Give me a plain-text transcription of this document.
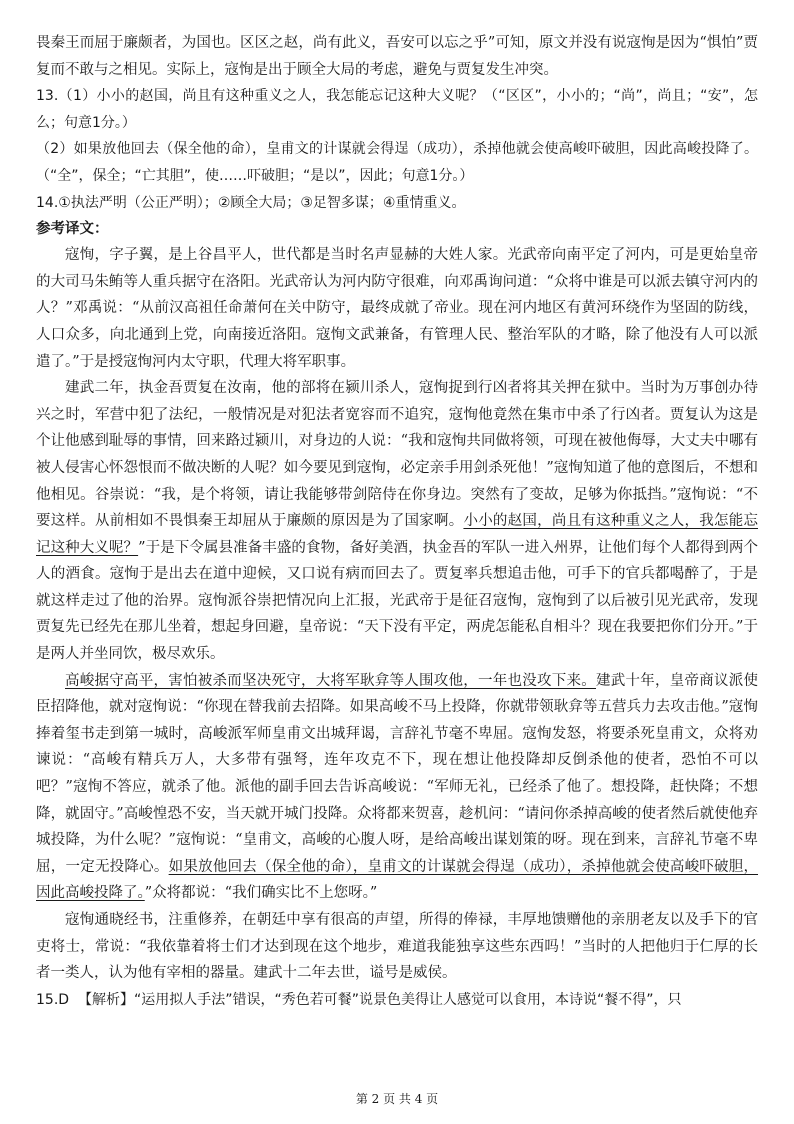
畏秦王而屈于廉颇者，为国也。区区之赵，尚有此义，吾安可以忘之乎”可知，原文并没有说寇恂是因为“惧怕”贾复而不敢与之相见。实际上，寇恂是出于顾全大局的考虑，避免与贾复发生冲突。

13.（1）小小的赵国，尚且有这种重义之人，我怎能忘记这种大义呢？（“区区”，小小的；“尚”，尚且；“安”，怎么；句意1分。）

（2）如果放他回去（保全他的命），皇甫文的计谋就会得逞（成功），杀掉他就会使高峻吓破胆，因此高峻投降了。（“全”，保全；“亡其胆”，使……吓破胆；“是以”，因此；句意1分。）

14.①执法严明（公正严明）；②顾全大局；③足智多谋；④重情重义。

参考译文：

寇恂，字子翼，是上谷昌平人，世代都是当时名声显赫的大姓人家。光武帝向南平定了河内，可是更始皇帝的大司马朱鲔等人重兵据守在洛阳。光武帝认为河内防守很难，向邓禹询问道：“众将中谁是可以派去镇守河内的人？”邓禹说：“从前汉高祖任命萧何在关中防守，最终成就了帝业。现在河内地区有黄河环绕作为坚固的防线，人口众多，向北通到上党，向南接近洛阳。寇恂文武兼备，有管理人民、整治军队的才略，除了他没有人可以派遣了。”于是授寇恂河内太守职，代理大将军职事。

建武二年，执金吾贾复在汝南，他的部将在颍川杀人，寇恂捉到行凶者将其关押在狱中。当时为万事创办待兴之时，军营中犯了法纪，一般情况是对犯法者宽容而不追究，寇恂他竟然在集市中杀了行凶者。贾复认为这是个让他感到耻辱的事情，回来路过颍川，对身边的人说：“我和寇恂共同做将领，可现在被他侮辱，大丈夫中哪有被人侵害心怀怨恨而不做决断的人呢？如今要见到寇恂，必定亲手用剑杀死他！”寇恂知道了他的意图后，不想和他相见。谷崇说：“我，是个将领，请让我能够带剑陪侍在你身边。突然有了变故，足够为你抵挡。”寇恂说：“不要这样。从前相如不畏惧秦王却屈从于廉颇的原因是为了国家啊。小小的赵国，尚且有这种重义之人，我怎能忘记这种大义呢？”于是下令属县准备丰盛的食物，备好美酒，执金吾的军队一进入州界，让他们每个人都得到两个人的酒食。寇恂于是出去在道中迎候，又口说有病而回去了。贾复率兵想追击他，可手下的官兵都喝醉了，于是就这样走过了他的治界。寇恂派谷崇把情况向上汇报，光武帝于是征召寇恂，寇恂到了以后被引见光武帝，发现贾复先已经先在那儿坐着，想起身回避，皇帝说：“天下没有平定，两虎怎能私自相斗？现在我要把你们分开。”于是两人并坐同饮，极尽欢乐。

高峻据守高平，害怕被杀而坚决死守，大将军耿弇等人围攻他，一年也没攻下来。建武十年，皇帝商议派使臣招降他，就对寇恂说：“你现在替我前去招降。如果高峻不马上投降，你就带领耿弇等五营兵力去攻击他。”寇恂捧着玺书走到第一城时，高峻派军师皇甫文出城拜谒，言辞礼节毫不卑屈。寇恂发怒，将要杀死皇甫文，众将劝谏说：“高峻有精兵万人，大多带有强弩，连年攻克不下，现在想让他投降却反倒杀他的使者，恐怕不可以吧？”寇恂不答应，就杀了他。派他的副手回去告诉高峻说：“军师无礼，已经杀了他了。想投降，赶快降；不想降，就固守。”高峻惶恐不安，当天就开城门投降。众将都来贺喜，趁机问：“请问你杀掉高峻的使者然后就使他弃城投降，为什么呢？”寇恂说：“皇甫文，高峻的心腹人呀，是给高峻出谋划策的呀。现在到来，言辞礼节毫不卑屈，一定无投降心。如果放他回去（保全他的命），皇甫文的计谋就会得逞（成功），杀掉他就会使高峻吓破胆，因此高峻投降了。”众将都说：“我们确实比不上您呀。”

寇恂通晓经书，注重修养，在朝廷中享有很高的声望，所得的俸禄，丰厚地馈赠他的亲朋老友以及手下的官吏将士，常说：“我依靠着将士们才达到现在这个地步，难道我能独享这些东西吗！”当时的人把他归于仁厚的长者一类人，认为他有宰相的器量。建武十二年去世，谥号是威侯。

15.D 【解析】“运用拟人手法”错误，“秀色若可餐”说景色美得让人感觉可以食用，本诗说“餐不得”，只

第 2 页 共 4 页
